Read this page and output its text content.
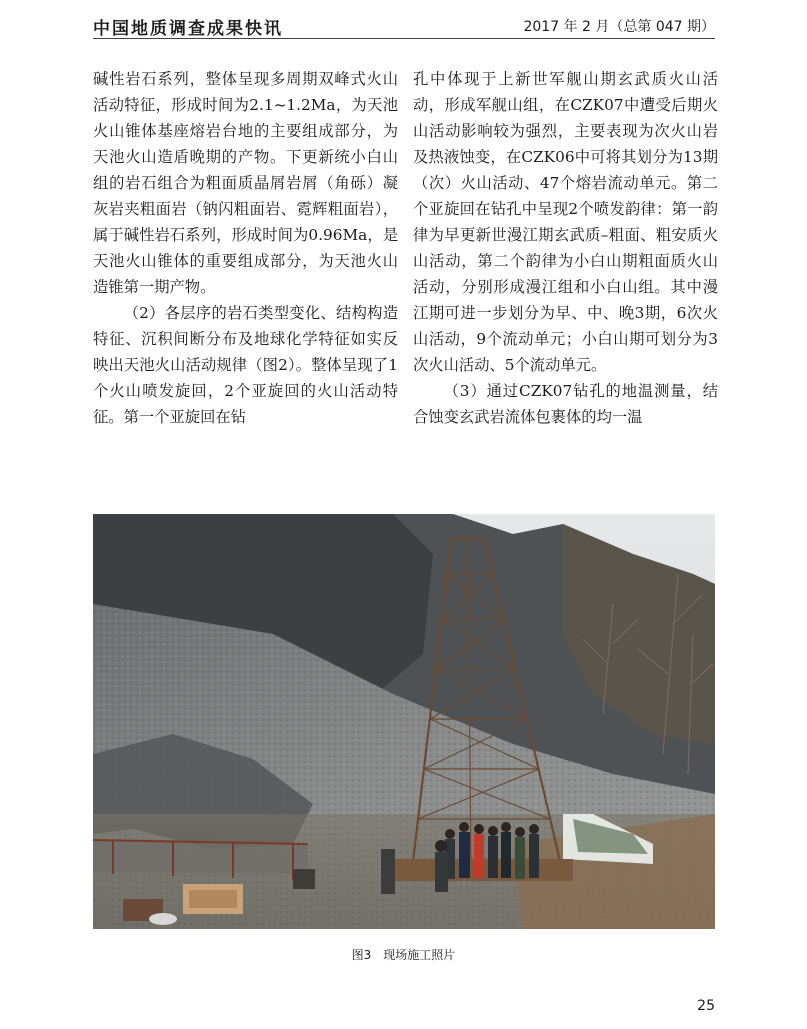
中国地质调查成果快讯	2017 年 2 月（总第 047 期）

碱性岩石系列，整体呈现多周期双峰式火山活动特征，形成时间为2.1~1.2Ma，为天池火山锥体基座熔岩台地的主要组成部分，为天池火山造盾晚期的产物。下更新统小白山组的岩石组合为粗面质晶屑岩屑（角砾）凝灰岩夹粗面岩（钠闪粗面岩、霓辉粗面岩），属于碱性岩石系列，形成时间为0.96Ma，是天池火山锥体的重要组成部分，为天池火山造锥第一期产物。

（2）各层序的岩石类型变化、结构构造特征、沉积间断分布及地球化学特征如实反映出天池火山活动规律（图2）。整体呈现了1个火山喷发旋回，2个亚旋回的火山活动特征。第一个亚旋回在钻

孔中体现于上新世军舰山期玄武质火山活动，形成军舰山组，在CZK07中遭受后期火山活动影响较为强烈，主要表现为次火山岩及热液蚀变，在CZK06中可将其划分为13期（次）火山活动、47个熔岩流动单元。第二个亚旋回在钻孔中呈现2个喷发韵律：第一韵律为早更新世漫江期玄武质–粗面、粗安质火山活动，第二个韵律为小白山期粗面质火山活动，分别形成漫江组和小白山组。其中漫江期可进一步划分为早、中、晚3期，6次火山活动，9个流动单元；小白山期可划分为3次火山活动、5个流动单元。

（3）通过CZK07钻孔的地温测量，结合蚀变玄武岩流体包裹体的均一温

图3　现场施工照片
25
